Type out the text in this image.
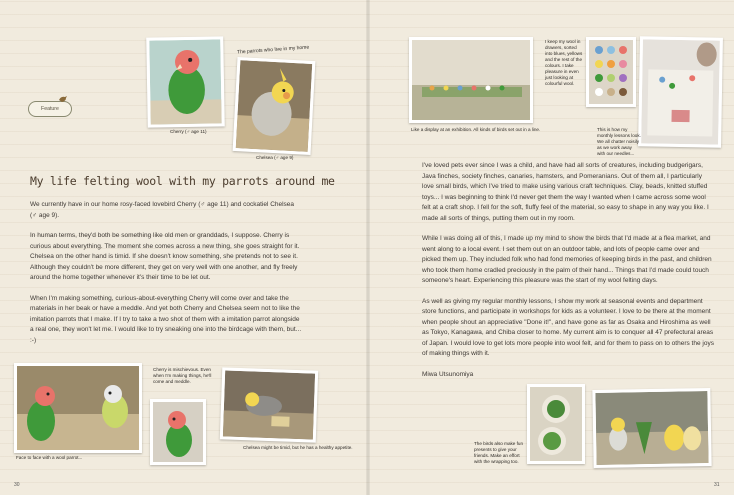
Feature
Cherry (♂ age 11)
The parrots who live in my home
Chelsea (♂ age 9)
My life felting wool with my parrots around me

We currently have in our home rosy-faced lovebird Cherry (♂ age 11) and cockatiel Chelsea (♂ age 9).

In human terms, they'd both be something like old men or granddads, I suppose. Cherry is curious about everything. The moment she comes across a new thing, she goes straight for it. Chelsea on the other hand is timid. If she doesn't know something, she pretends not to see it. Although they couldn't be more different, they get on very well with one another, and fly freely around the home together whenever it's their time to be let out.

When I'm making something, curious-about-everything Cherry will come over and take the materials in her beak or have a meddle. And yet both Cherry and Chelsea seem not to like the imitation parrots that I make. If I try to take a two shot of them with a imitation parrot alongside a real one, they won't let me. I would like to try sneaking one into the birdcage with them, but... :-)

Face to face with a wool parrot...
Cherry is mischievous. Even when I'm making things, he'll come and meddle.
Chelsea might be timid, but he has a healthy appetite.
30
Like a display at an exhibition. All kinds of birds set out in a line.
I keep my wool in drawers, sorted into blues, yellows and the rest of the colours. I take pleasure in even just looking at colourful wool.
This is how my monthly lessons look. We all chatter noisily as we work away with our needles...

I've loved pets ever since I was a child, and have had all sorts of creatures, including budgerigars, Java finches, society finches, canaries, hamsters, and Pomeranians. Out of them all, I particularly love small birds, which I've tried to make using various craft techniques. Clay, beads, knitted stuffed toys... I was beginning to think I'd never get them the way I wanted when I came across some wool felt at a craft shop. I fell for the soft, fluffy feel of the material, so easy to shape in any way you like. I made all sorts of things, putting them out in my room.

While I was doing all of this, I made up my mind to show the birds that I'd made at a flea market, and went along to a local event. I set them out on an outdoor table, and lots of people came over and picked them up. They included folk who had fond memories of keeping birds in the past, and children who took them home cradled preciously in the palm of their hand... Things that I'd made could touch someone's heart. Experiencing this pleasure was the start of my wool felting days.

As well as giving my regular monthly lessons, I show my work at seasonal events and department store functions, and participate in workshops for kids as a volunteer. I love to be there at the moment when people shout an appreciative "Done it!", and have gone as far as Osaka and Hiroshima as well as Tokyo, Kanagawa, and Chiba closer to home. My current aim is to conquer all 47 prefectural areas of Japan. I would love to get lots more people into wool felt, and for them to pass on to others the joys of making things with it.

Miwa Utsunomiya
The birds also make fun presents to give your friends. Make an effort with the wrapping too.
31
